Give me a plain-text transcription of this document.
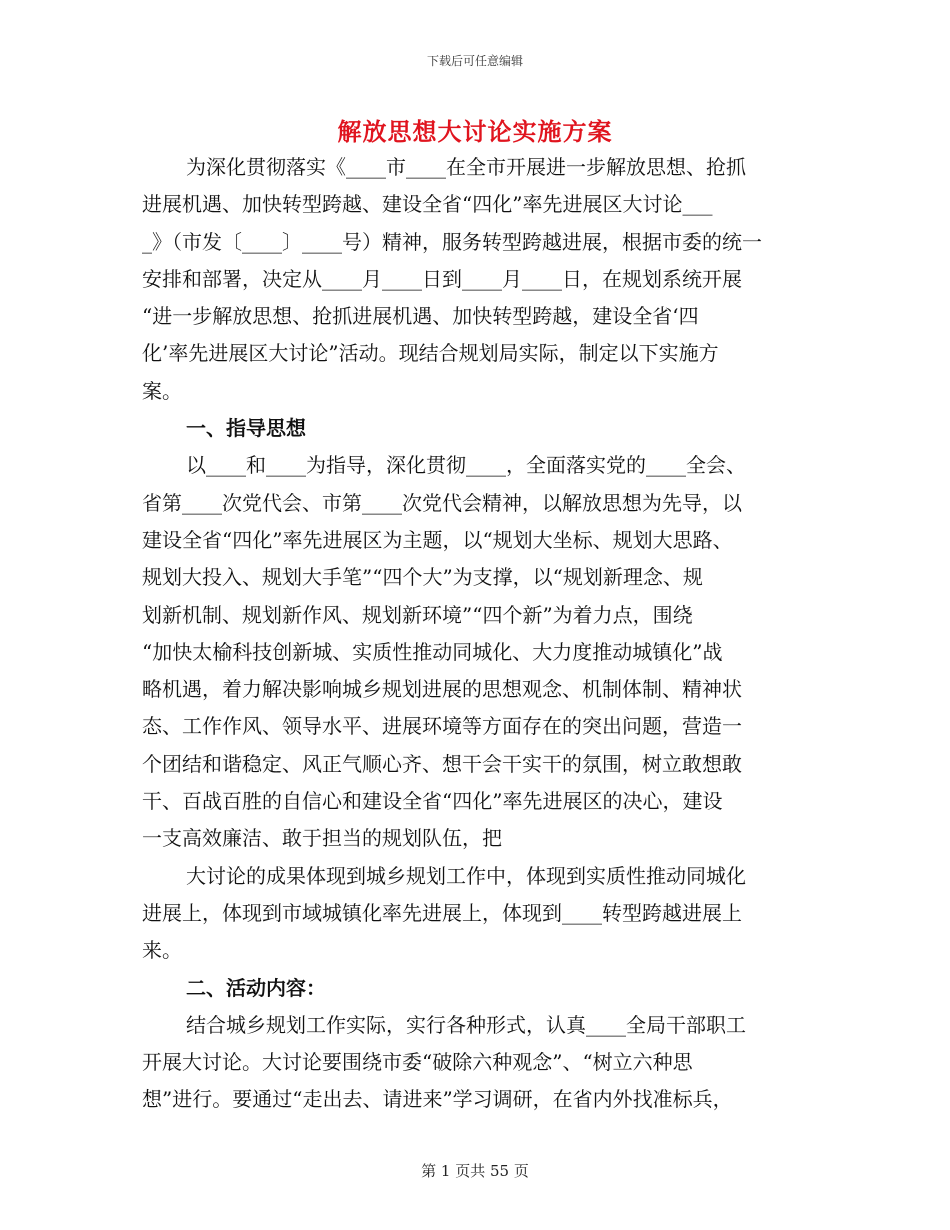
下载后可任意编辑
解放思想大讨论实施方案

为深化贯彻落实《____市____在全市开展进一步解放思想、抢抓
进展机遇、加快转型跨越、建设全省“四化”率先进展区大讨论___
_》（市发〔____〕____号）精神，服务转型跨越进展，根据市委的统一
安排和部署，决定从____月____日到____月____日，在规划系统开展
“进一步解放思想、抢抓进展机遇、加快转型跨越，建设全省‘四
化’率先进展区大讨论”活动。现结合规划局实际，制定以下实施方
案。

一、指导思想

以____和____为指导，深化贯彻____，全面落实党的____全会、
省第____次党代会、市第____次党代会精神，以解放思想为先导，以
建设全省“四化”率先进展区为主题，以“规划大坐标、规划大思路、
规划大投入、规划大手笔”“四个大”为支撑，以“规划新理念、规
划新机制、规划新作风、规划新环境”“四个新”为着力点，围绕
“加快太榆科技创新城、实质性推动同城化、大力度推动城镇化”战
略机遇，着力解决影响城乡规划进展的思想观念、机制体制、精神状
态、工作作风、领导水平、进展环境等方面存在的突出问题，营造一
个团结和谐稳定、风正气顺心齐、想干会干实干的氛围，树立敢想敢
干、百战百胜的自信心和建设全省“四化”率先进展区的决心，建设
一支高效廉洁、敢于担当的规划队伍，把

大讨论的成果体现到城乡规划工作中，体现到实质性推动同城化
进展上，体现到市域城镇化率先进展上，体现到____转型跨越进展上
来。

二、活动内容：

结合城乡规划工作实际，实行各种形式，认真____全局干部职工
开展大讨论。大讨论要围绕市委“破除六种观念”、“树立六种思
想”进行。要通过“走出去、请进来”学习调研，在省内外找准标兵，

第 1 页共 55 页
